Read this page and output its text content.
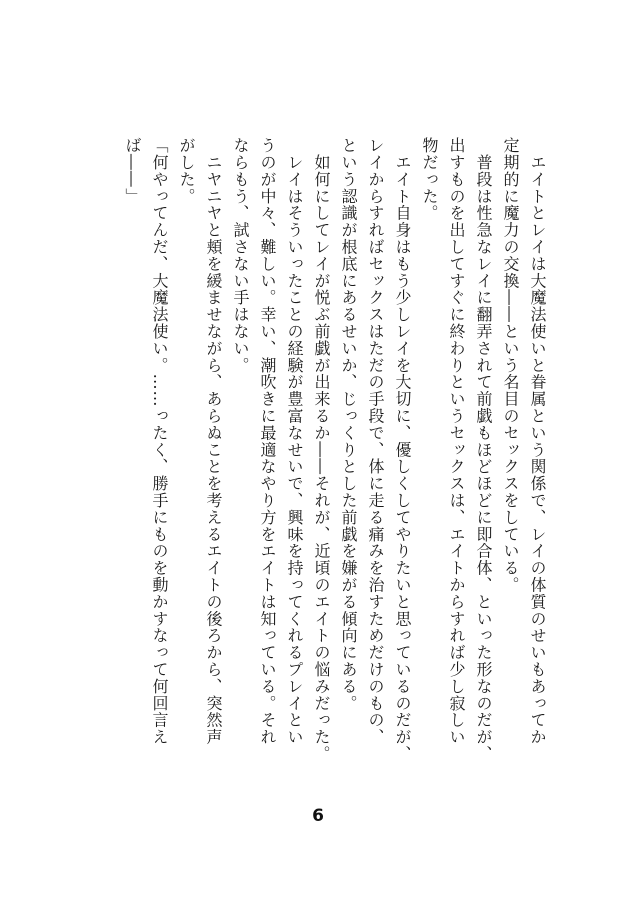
　エイトとレイは大魔法使いと眷属という関係で、レイの体質のせいもあってか

定期的に魔力の交換――という名目のセックスをしている。

　普段は性急なレイに翻弄されて前戯もほどほどに即合体、といった形なのだが、

出すものを出してすぐに終わりというセックスは、エイトからすれば少し寂しい

物だった。

　エイト自身はもう少しレイを大切に、優しくしてやりたいと思っているのだが、

レイからすればセックスはただの手段で、体に走る痛みを治すためだけのもの、

という認識が根底にあるせいか、じっくりとした前戯を嫌がる傾向にある。

　如何にしてレイが悦ぶ前戯が出来るか――それが、近頃のエイトの悩みだった。

　レイはそういったことの経験が豊富なせいで、興味を持ってくれるプレイとい

うのが中々、難しい。幸い、潮吹きに最適なやり方をエイトは知っている。それ

ならもう、試さない手はない。

　ニヤニヤと頬を緩ませながら、あらぬことを考えるエイトの後ろから、突然声

がした。

「何やってんだ、大魔法使い。……ったく、勝手にものを動かすなって何回言え

ば――」

6
